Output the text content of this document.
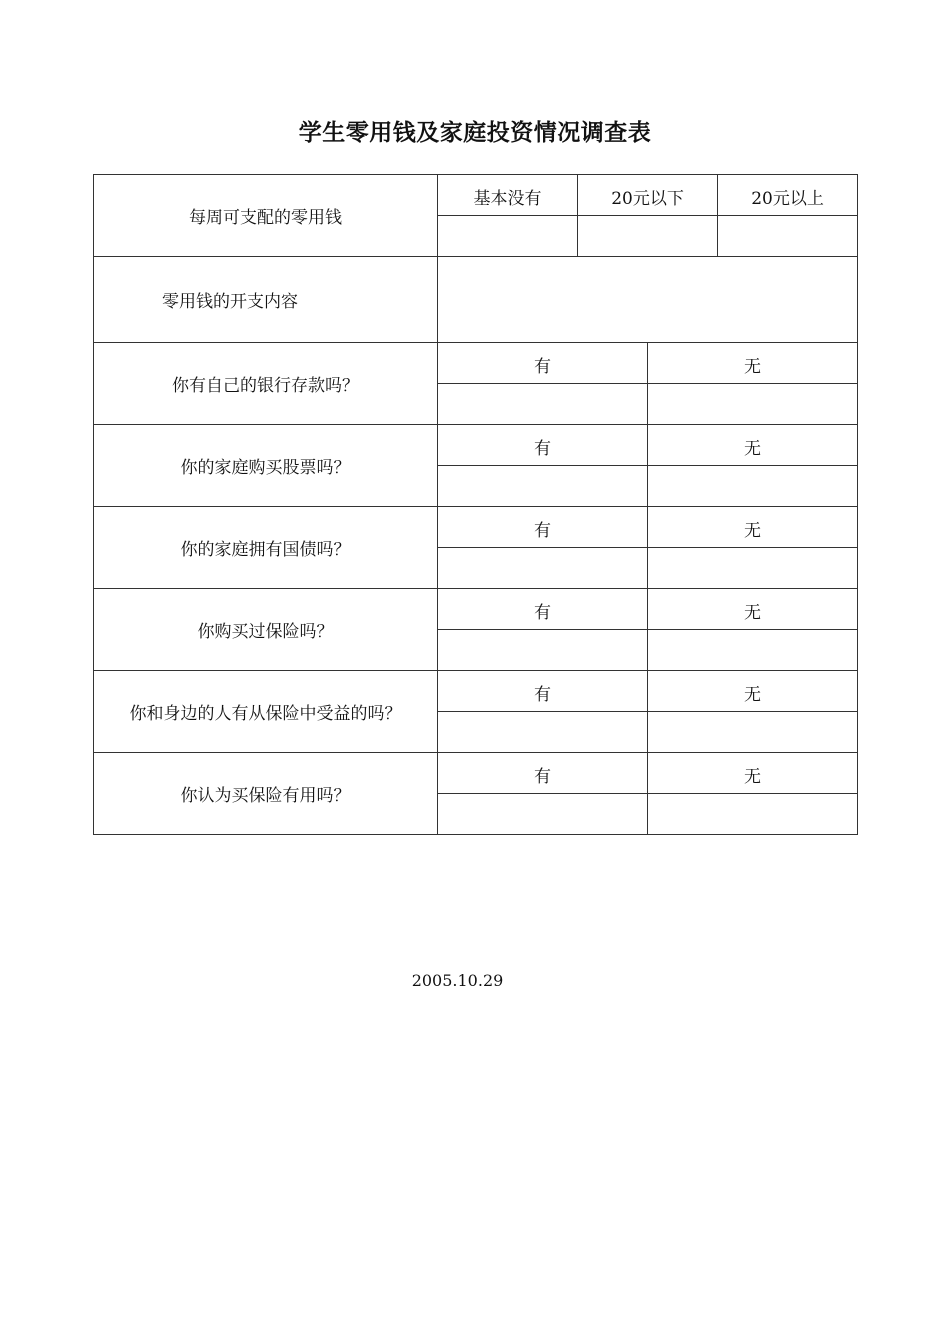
学生零用钱及家庭投资情况调查表
每周可支配的零用钱	基本没有	20元以下		20元以上

零用钱的开支内容				
你有自己的银行存款吗？	有		无	

你的家庭购买股票吗？	有		无	

你的家庭拥有国债吗？	有		无	

你购买过保险吗？	有		无	

你和身边的人有从保险中受益的吗？	有		无	

你认为买保险有用吗？	有		无	

2005.10.29
